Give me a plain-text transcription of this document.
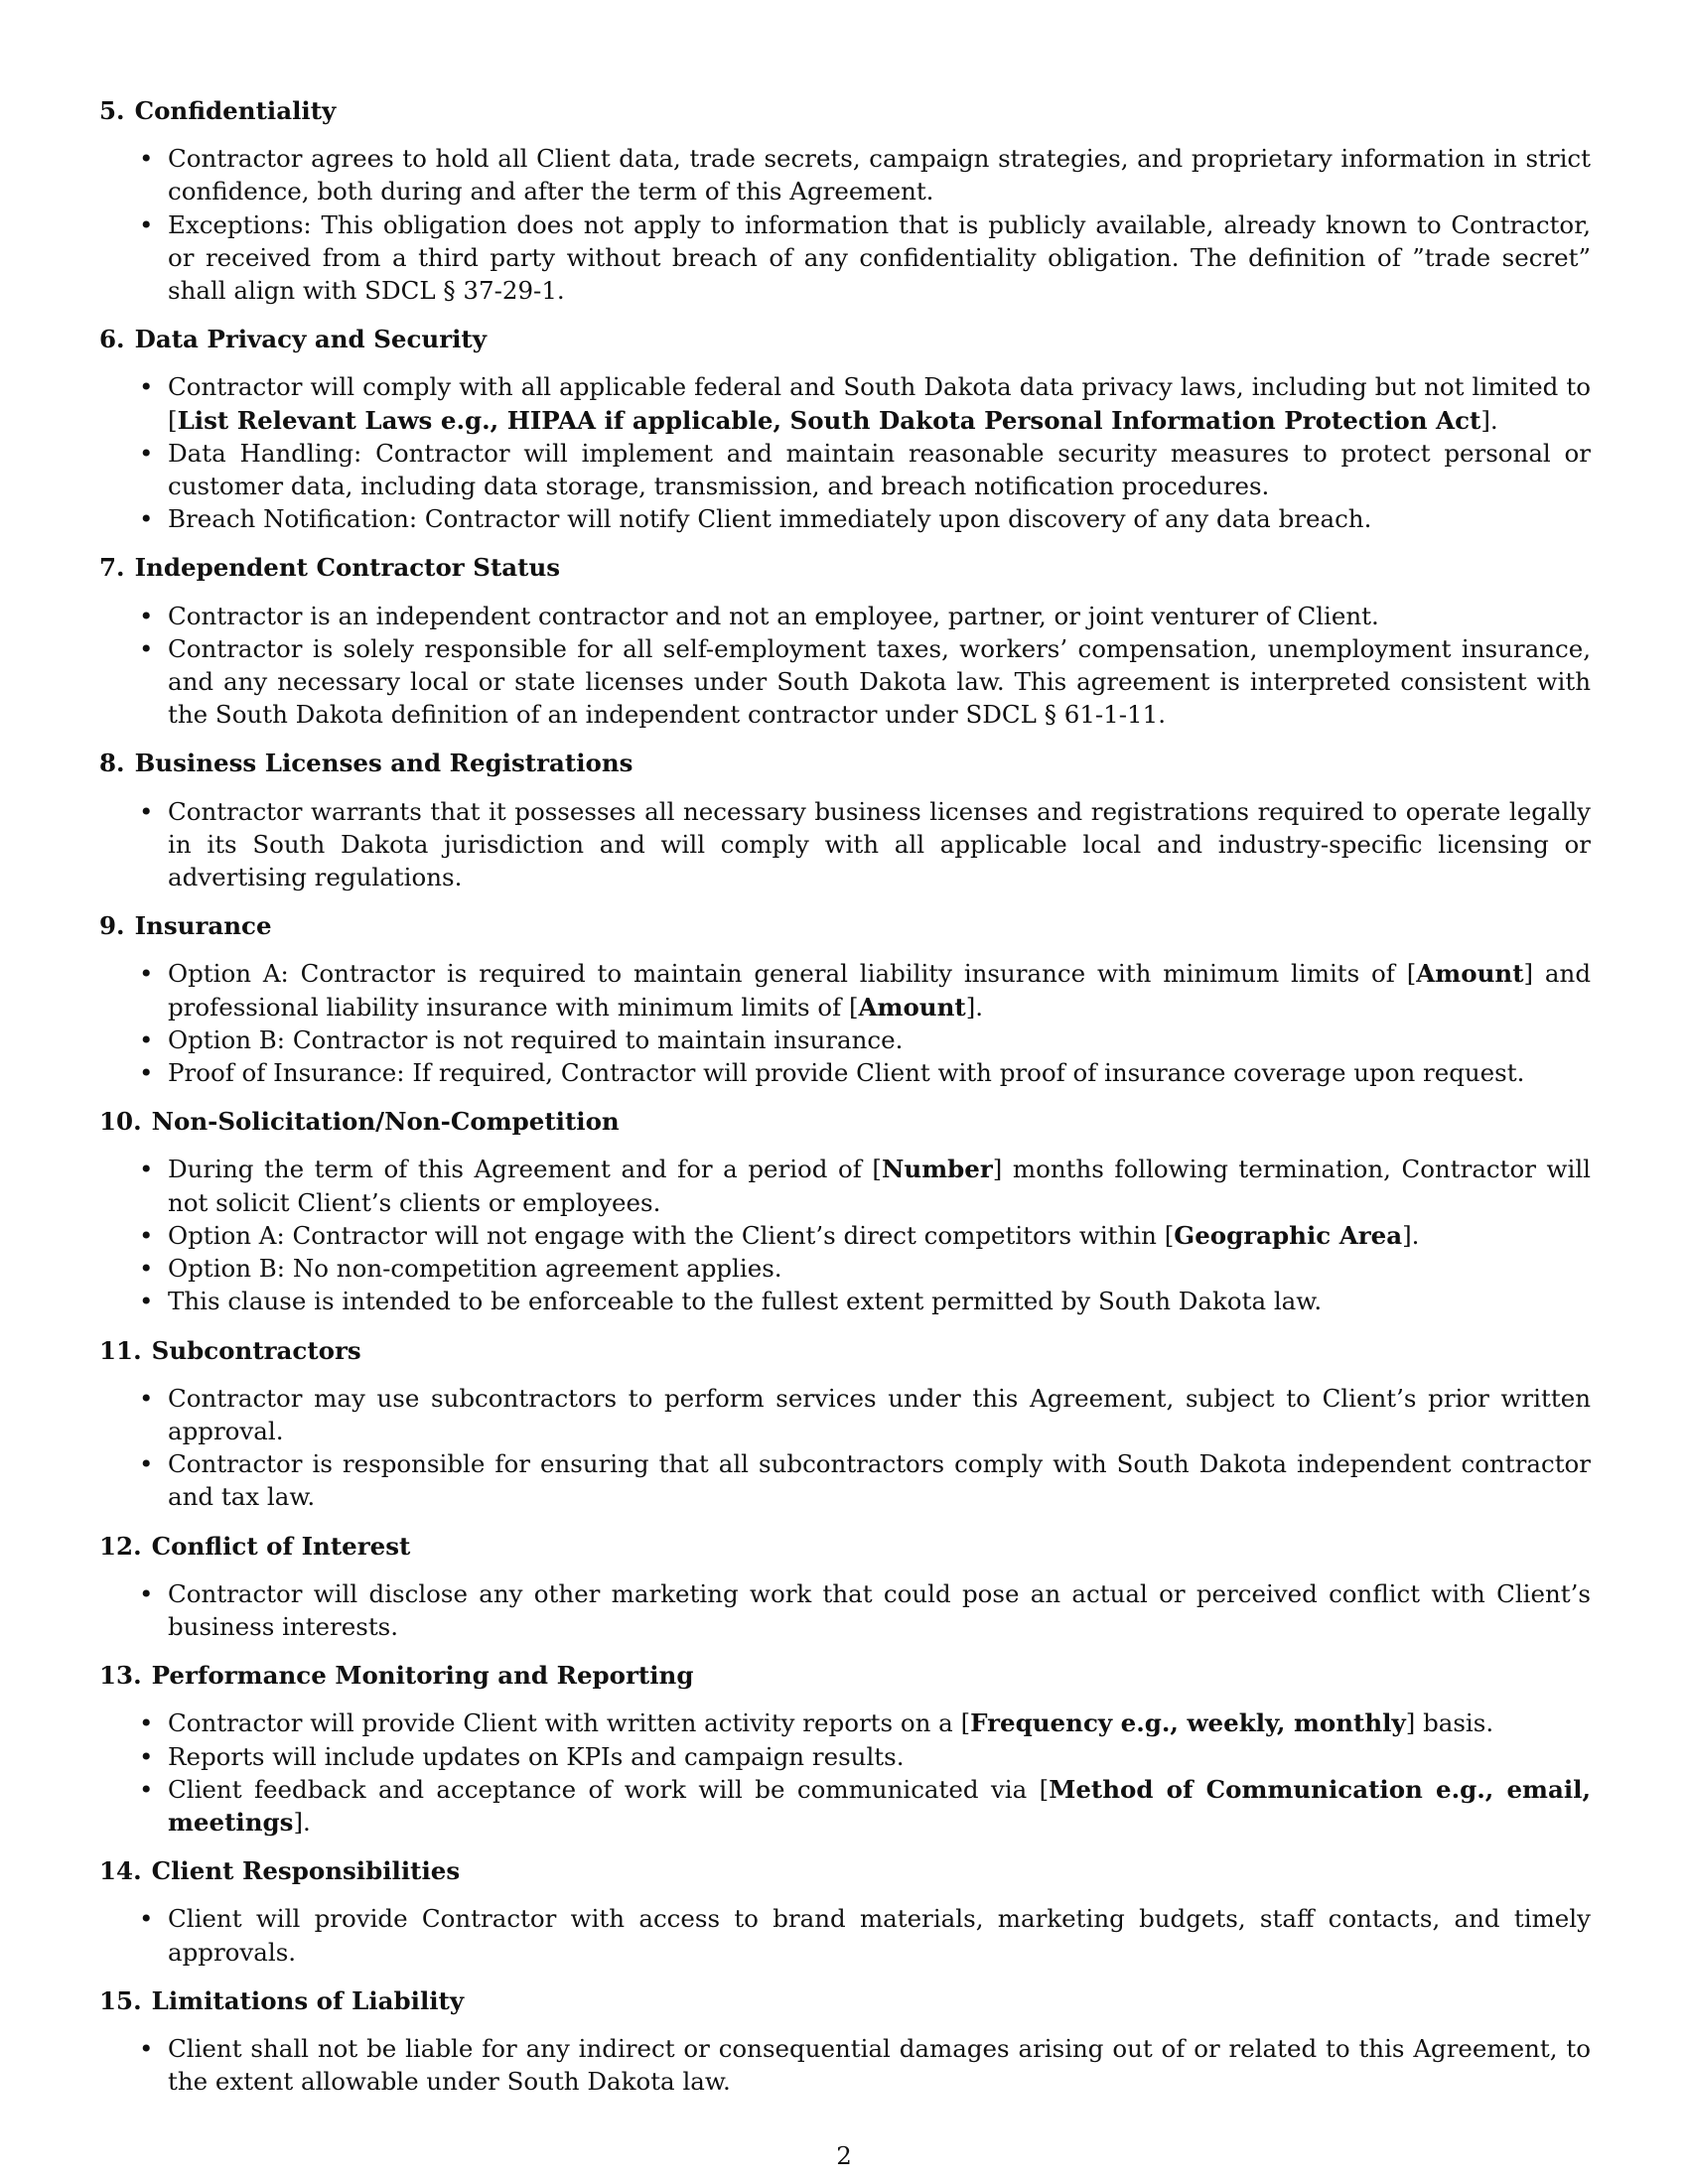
5. Confidentiality
• Contractor agrees to hold all Client data, trade secrets, campaign strategies, and proprietary information in strict confidence, both during and after the term of this Agreement.
• Exceptions: This obligation does not apply to information that is publicly available, already known to Contractor, or received from a third party without breach of any confidentiality obligation. The definition of ”trade secret” shall align with SDCL § 37-29-1.
6. Data Privacy and Security
• Contractor will comply with all applicable federal and South Dakota data privacy laws, including but not limited to [List Relevant Laws e.g., HIPAA if applicable, South Dakota Personal Information Protection Act].
• Data Handling: Contractor will implement and maintain reasonable security measures to protect personal or customer data, including data storage, transmission, and breach notification procedures.
• Breach Notification: Contractor will notify Client immediately upon discovery of any data breach.
7. Independent Contractor Status
• Contractor is an independent contractor and not an employee, partner, or joint venturer of Client.
• Contractor is solely responsible for all self-employment taxes, workers’ compensation, unemployment insurance, and any necessary local or state licenses under South Dakota law. This agreement is interpreted consistent with the South Dakota definition of an independent contractor under SDCL § 61-1-11.
8. Business Licenses and Registrations
• Contractor warrants that it possesses all necessary business licenses and registrations required to operate legally in its South Dakota jurisdiction and will comply with all applicable local and industry-specific licensing or advertising regulations.
9. Insurance
• Option A: Contractor is required to maintain general liability insurance with minimum limits of [Amount] and professional liability insurance with minimum limits of [Amount].
• Option B: Contractor is not required to maintain insurance.
• Proof of Insurance: If required, Contractor will provide Client with proof of insurance coverage upon request.
10. Non-Solicitation/Non-Competition
• During the term of this Agreement and for a period of [Number] months following termination, Contractor will not solicit Client’s clients or employees.
• Option A: Contractor will not engage with the Client’s direct competitors within [Geographic Area].
• Option B: No non-competition agreement applies.
• This clause is intended to be enforceable to the fullest extent permitted by South Dakota law.
11. Subcontractors
• Contractor may use subcontractors to perform services under this Agreement, subject to Client’s prior written approval.
• Contractor is responsible for ensuring that all subcontractors comply with South Dakota independent contractor and tax law.
12. Conflict of Interest
• Contractor will disclose any other marketing work that could pose an actual or perceived conflict with Client’s business interests.
13. Performance Monitoring and Reporting
• Contractor will provide Client with written activity reports on a [Frequency e.g., weekly, monthly] basis.
• Reports will include updates on KPIs and campaign results.
• Client feedback and acceptance of work will be communicated via [Method of Communication e.g., email, meetings].
14. Client Responsibilities
• Client will provide Contractor with access to brand materials, marketing budgets, staff contacts, and timely approvals.
15. Limitations of Liability
• Client shall not be liable for any indirect or consequential damages arising out of or related to this Agreement, to the extent allowable under South Dakota law.
2
